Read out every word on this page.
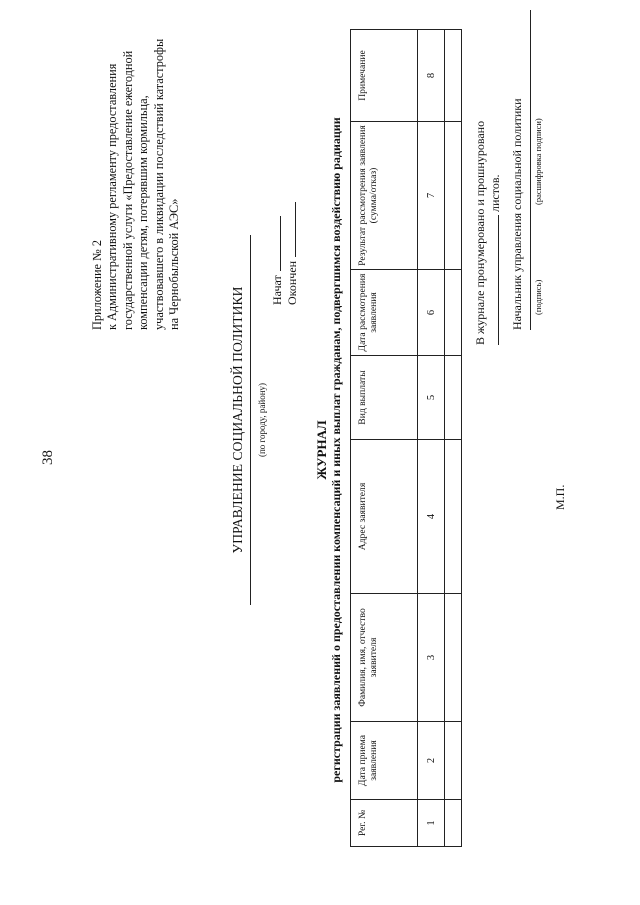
38
Приложение № 2 к Административному регламенту предоставления государственной услуги «Предоставление ежегодной компенсации детям, потерявшим кормильца, участвовавшего в ликвидации последствий катастрофы на Чернобыльской АЭС»
УПРАВЛЕНИЕ СОЦИАЛЬНОЙ ПОЛИТИКИ (по городу, району)
Начат Окончен
ЖУРНАЛ регистрации заявлений о предоставлении компенсаций и иных выплат гражданам, подвергшимся воздействию радиации
Рег. №	Дата приема заявления	Фамилия, имя, отчество заявителя	Адрес заявителя	Вид выплаты	Дата рассмотрения заявления	Результат рассмотрения заявления (сумма/отказ)	Примечание
1	2	3	4	5	6	7	8

В журнале пронумеровано и прошнуровано листов. Начальник управления социальной политики (подпись)
(расшифровка подписи)
М.П.
